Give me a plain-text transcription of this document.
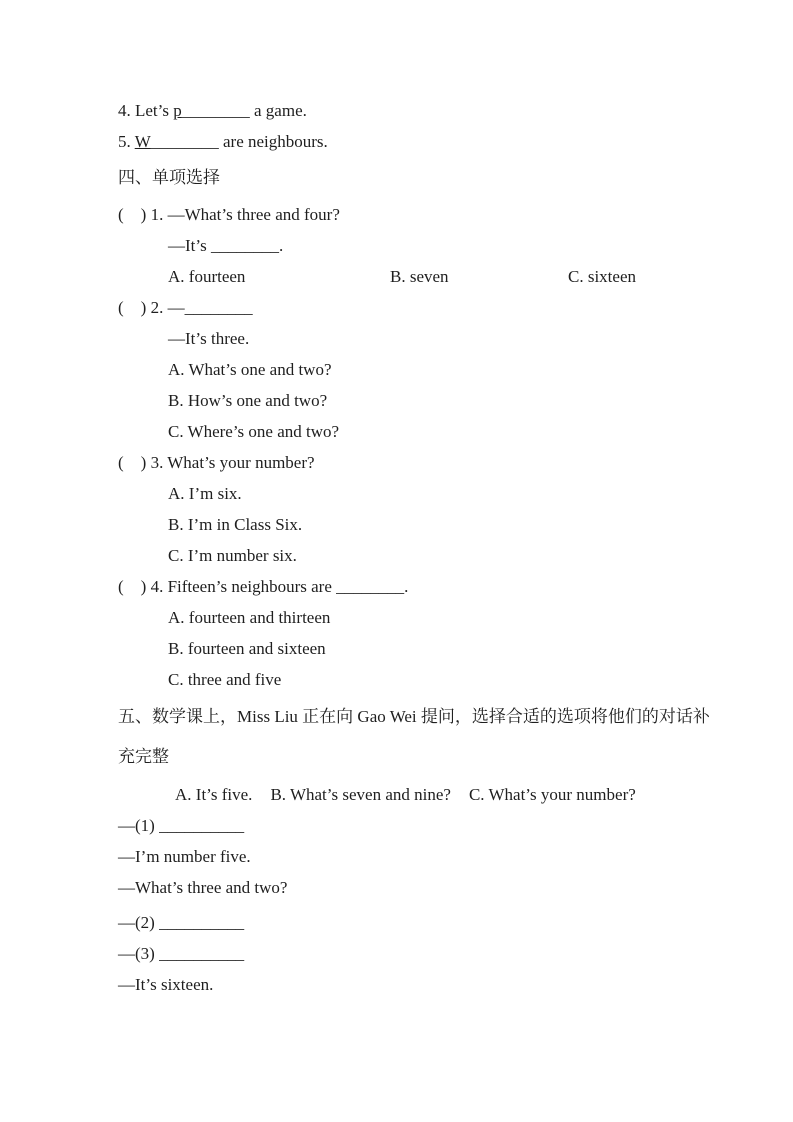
4. Let’s p________ a game.
5. W________ are neighbours.
四、单项选择
(　) 1. —What’s three and four?
—It’s ________.
A. fourteen	B. seven	C. sixteen
(　) 2. —________
—It’s three.
A. What’s one and two?
B. How’s one and two?
C. Where’s one and two?
(　) 3. What’s your number?
A. I’m six.
B. I’m in Class Six.
C. I’m number six.
(　) 4. Fifteen’s neighbours are ________.
A. fourteen and thirteen
B. fourteen and sixteen
C. three and five
五、数学课上，Miss Liu 正在向 Gao Wei 提问，选择合适的选项将他们的对话补
充完整
A. It’s five. B. What’s seven and nine? C. What’s your number?
—(1) __________
—I’m number five.
—What’s three and two?
—(2) __________
—(3) __________
—It’s sixteen.
